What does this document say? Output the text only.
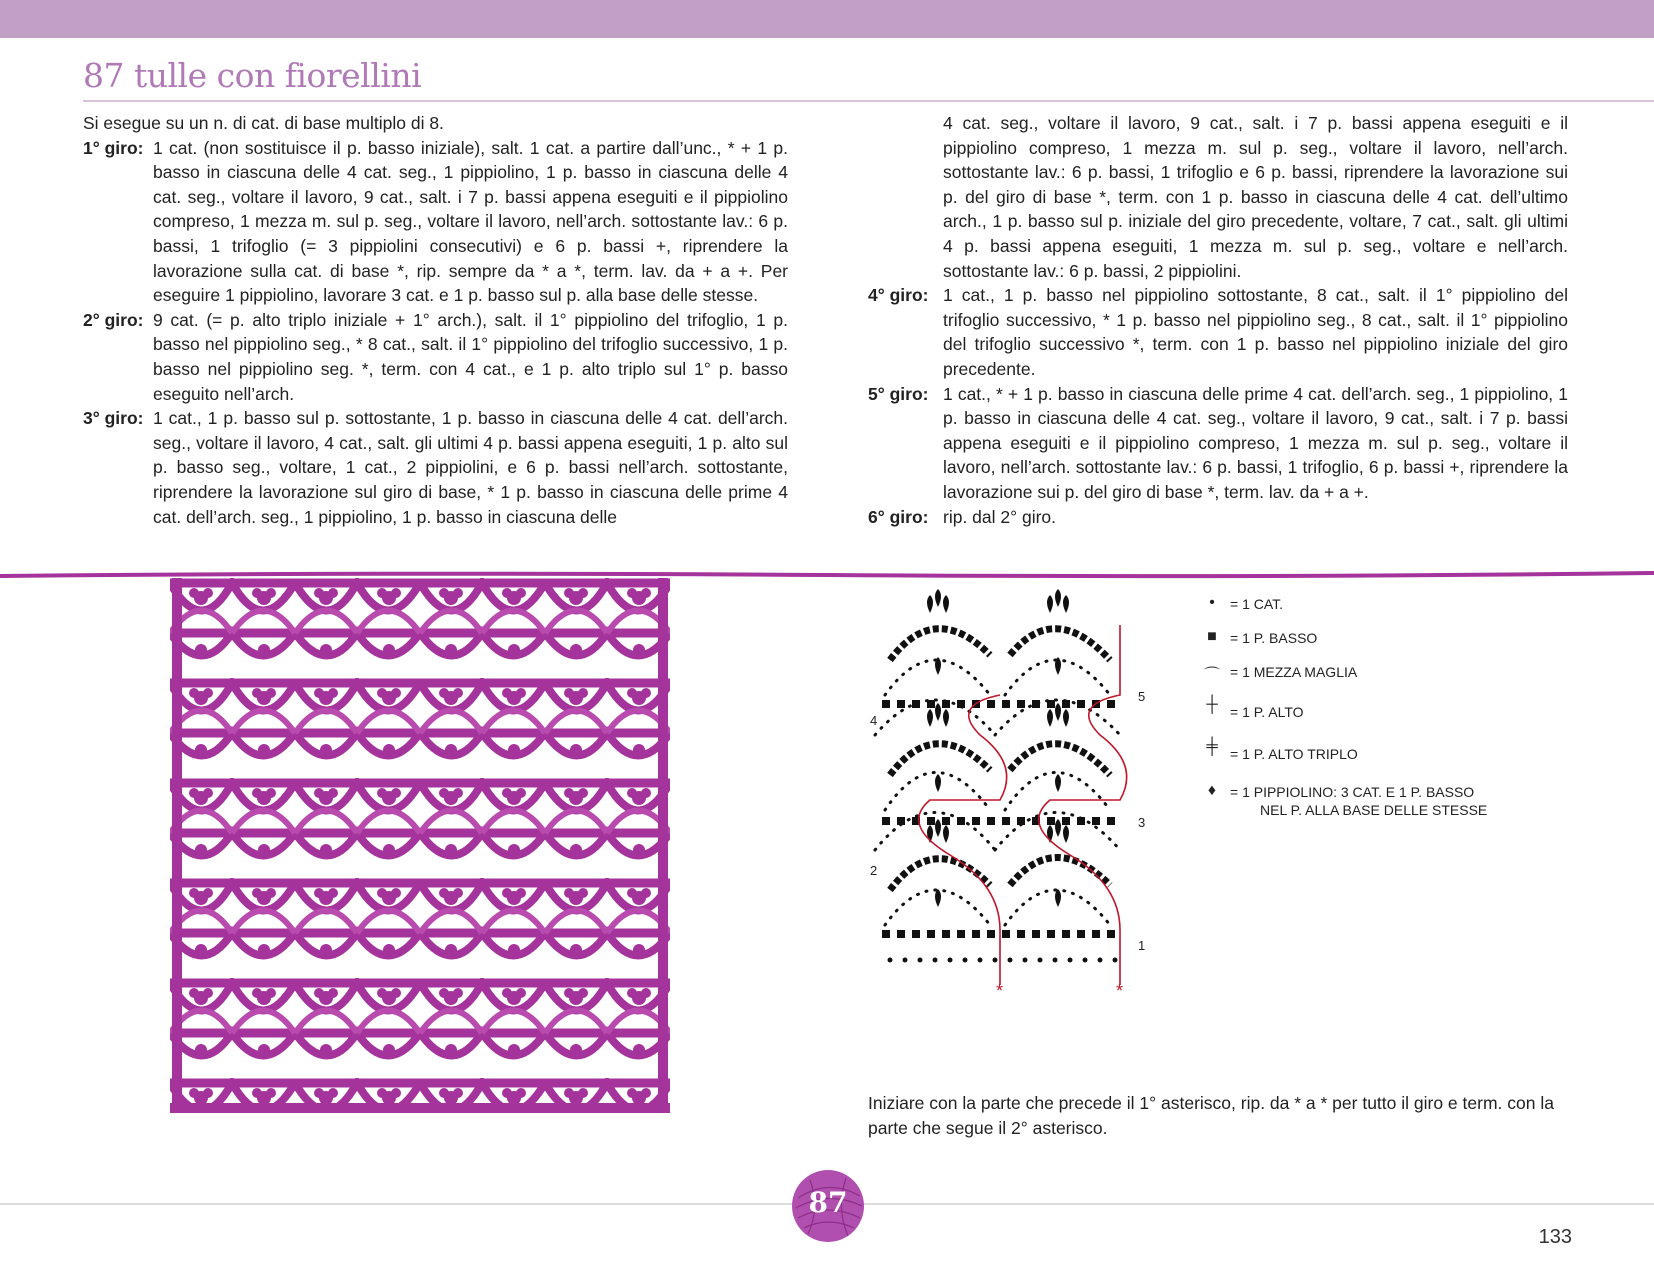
87 tulle con fiorellini

Si esegue su un n. di cat. di base multiplo di 8.

1° giro: 1 cat. (non sostituisce il p. basso iniziale), salt. 1 cat. a partire dall’unc., * + 1 p. basso in ciascuna delle 4 cat. seg., 1 pippiolino, 1 p. basso in ciascuna delle 4 cat. seg., voltare il lavoro, 9 cat., salt. i 7 p. bassi appena eseguiti e il pippiolino compreso, 1 mezza m. sul p. seg., voltare il lavoro, nell’arch. sottostante lav.: 6 p. bassi, 1 trifoglio (= 3 pippiolini consecutivi) e 6 p. bassi +, riprendere la lavorazione sulla cat. di base *, rip. sempre da * a *, term. lav. da + a +. Per eseguire 1 pippiolino, lavorare 3 cat. e 1 p. basso sul p. alla base delle stesse.
2° giro: 9 cat. (= p. alto triplo iniziale + 1° arch.), salt. il 1° pippiolino del trifoglio, 1 p. basso nel pippiolino seg., * 8 cat., salt. il 1° pippiolino del trifoglio successivo, 1 p. basso nel pippiolino seg. *, term. con 4 cat., e 1 p. alto triplo sul 1° p. basso eseguito nell’arch.
3° giro: 1 cat., 1 p. basso sul p. sottostante, 1 p. basso in ciascuna delle 4 cat. dell’arch. seg., voltare il lavoro, 4 cat., salt. gli ultimi 4 p. bassi appena eseguiti, 1 p. alto sul p. basso seg., voltare, 1 cat., 2 pippiolini, e 6 p. bassi nell’arch. sottostante, riprendere la lavorazione sul giro di base, * 1 p. basso in ciascuna delle prime 4 cat. dell’arch. seg., 1 pippiolino, 1 p. basso in ciascuna delle

4 cat. seg., voltare il lavoro, 9 cat., salt. i 7 p. bassi appena eseguiti e il pippiolino compreso, 1 mezza m. sul p. seg., voltare il lavoro, nell’arch. sottostante lav.: 6 p. bassi, 1 trifoglio e 6 p. bassi, riprendere la lavorazione sui p. del giro di base *, term. con 1 p. basso in ciascuna delle 4 cat. dell’ultimo arch., 1 p. basso sul p. iniziale del giro precedente, voltare, 7 cat., salt. gli ultimi 4 p. bassi appena eseguiti, 1 mezza m. sul p. seg., voltare e nell’arch. sottostante lav.: 6 p. bassi, 2 pippiolini.

4° giro: 1 cat., 1 p. basso nel pippiolino sottostante, 8 cat., salt. il 1° pippiolino del trifoglio successivo, * 1 p. basso nel pippiolino seg., 8 cat., salt. il 1° pippiolino del trifoglio successivo *, term. con 1 p. basso nel pippiolino iniziale del giro precedente.
5° giro: 1 cat., * + 1 p. basso in ciascuna delle prime 4 cat. dell’arch. seg., 1 pippiolino, 1 p. basso in ciascuna delle 4 cat. seg., voltare il lavoro, 9 cat., salt. i 7 p. bassi appena eseguiti e il pippiolino compreso, 1 mezza m. sul p. seg., voltare il lavoro, nell’arch. sottostante lav.: 6 p. bassi, 1 trifoglio, 6 p. bassi +, riprendere la lavorazione sui p. del giro di base *, term. lav. da + a +.
6° giro: rip. dal 2° giro.
*	*
1
2
3
4
5
•	= 1 CAT.
■ = 1 P. BASSO
⌒ = 1 MEZZA MAGLIA
┼ = 1 P. ALTO
╪ = 1 P. ALTO TRIPLO
♦ = 1 PIPPIOLINO: 3 CAT. E 1 P. BASSO
NEL P. ALLA BASE DELLE STESSE
Iniziare con la parte che precede il 1° asterisco, rip. da * a * per tutto il giro e term. con la parte che segue il 2° asterisco.
87
133
